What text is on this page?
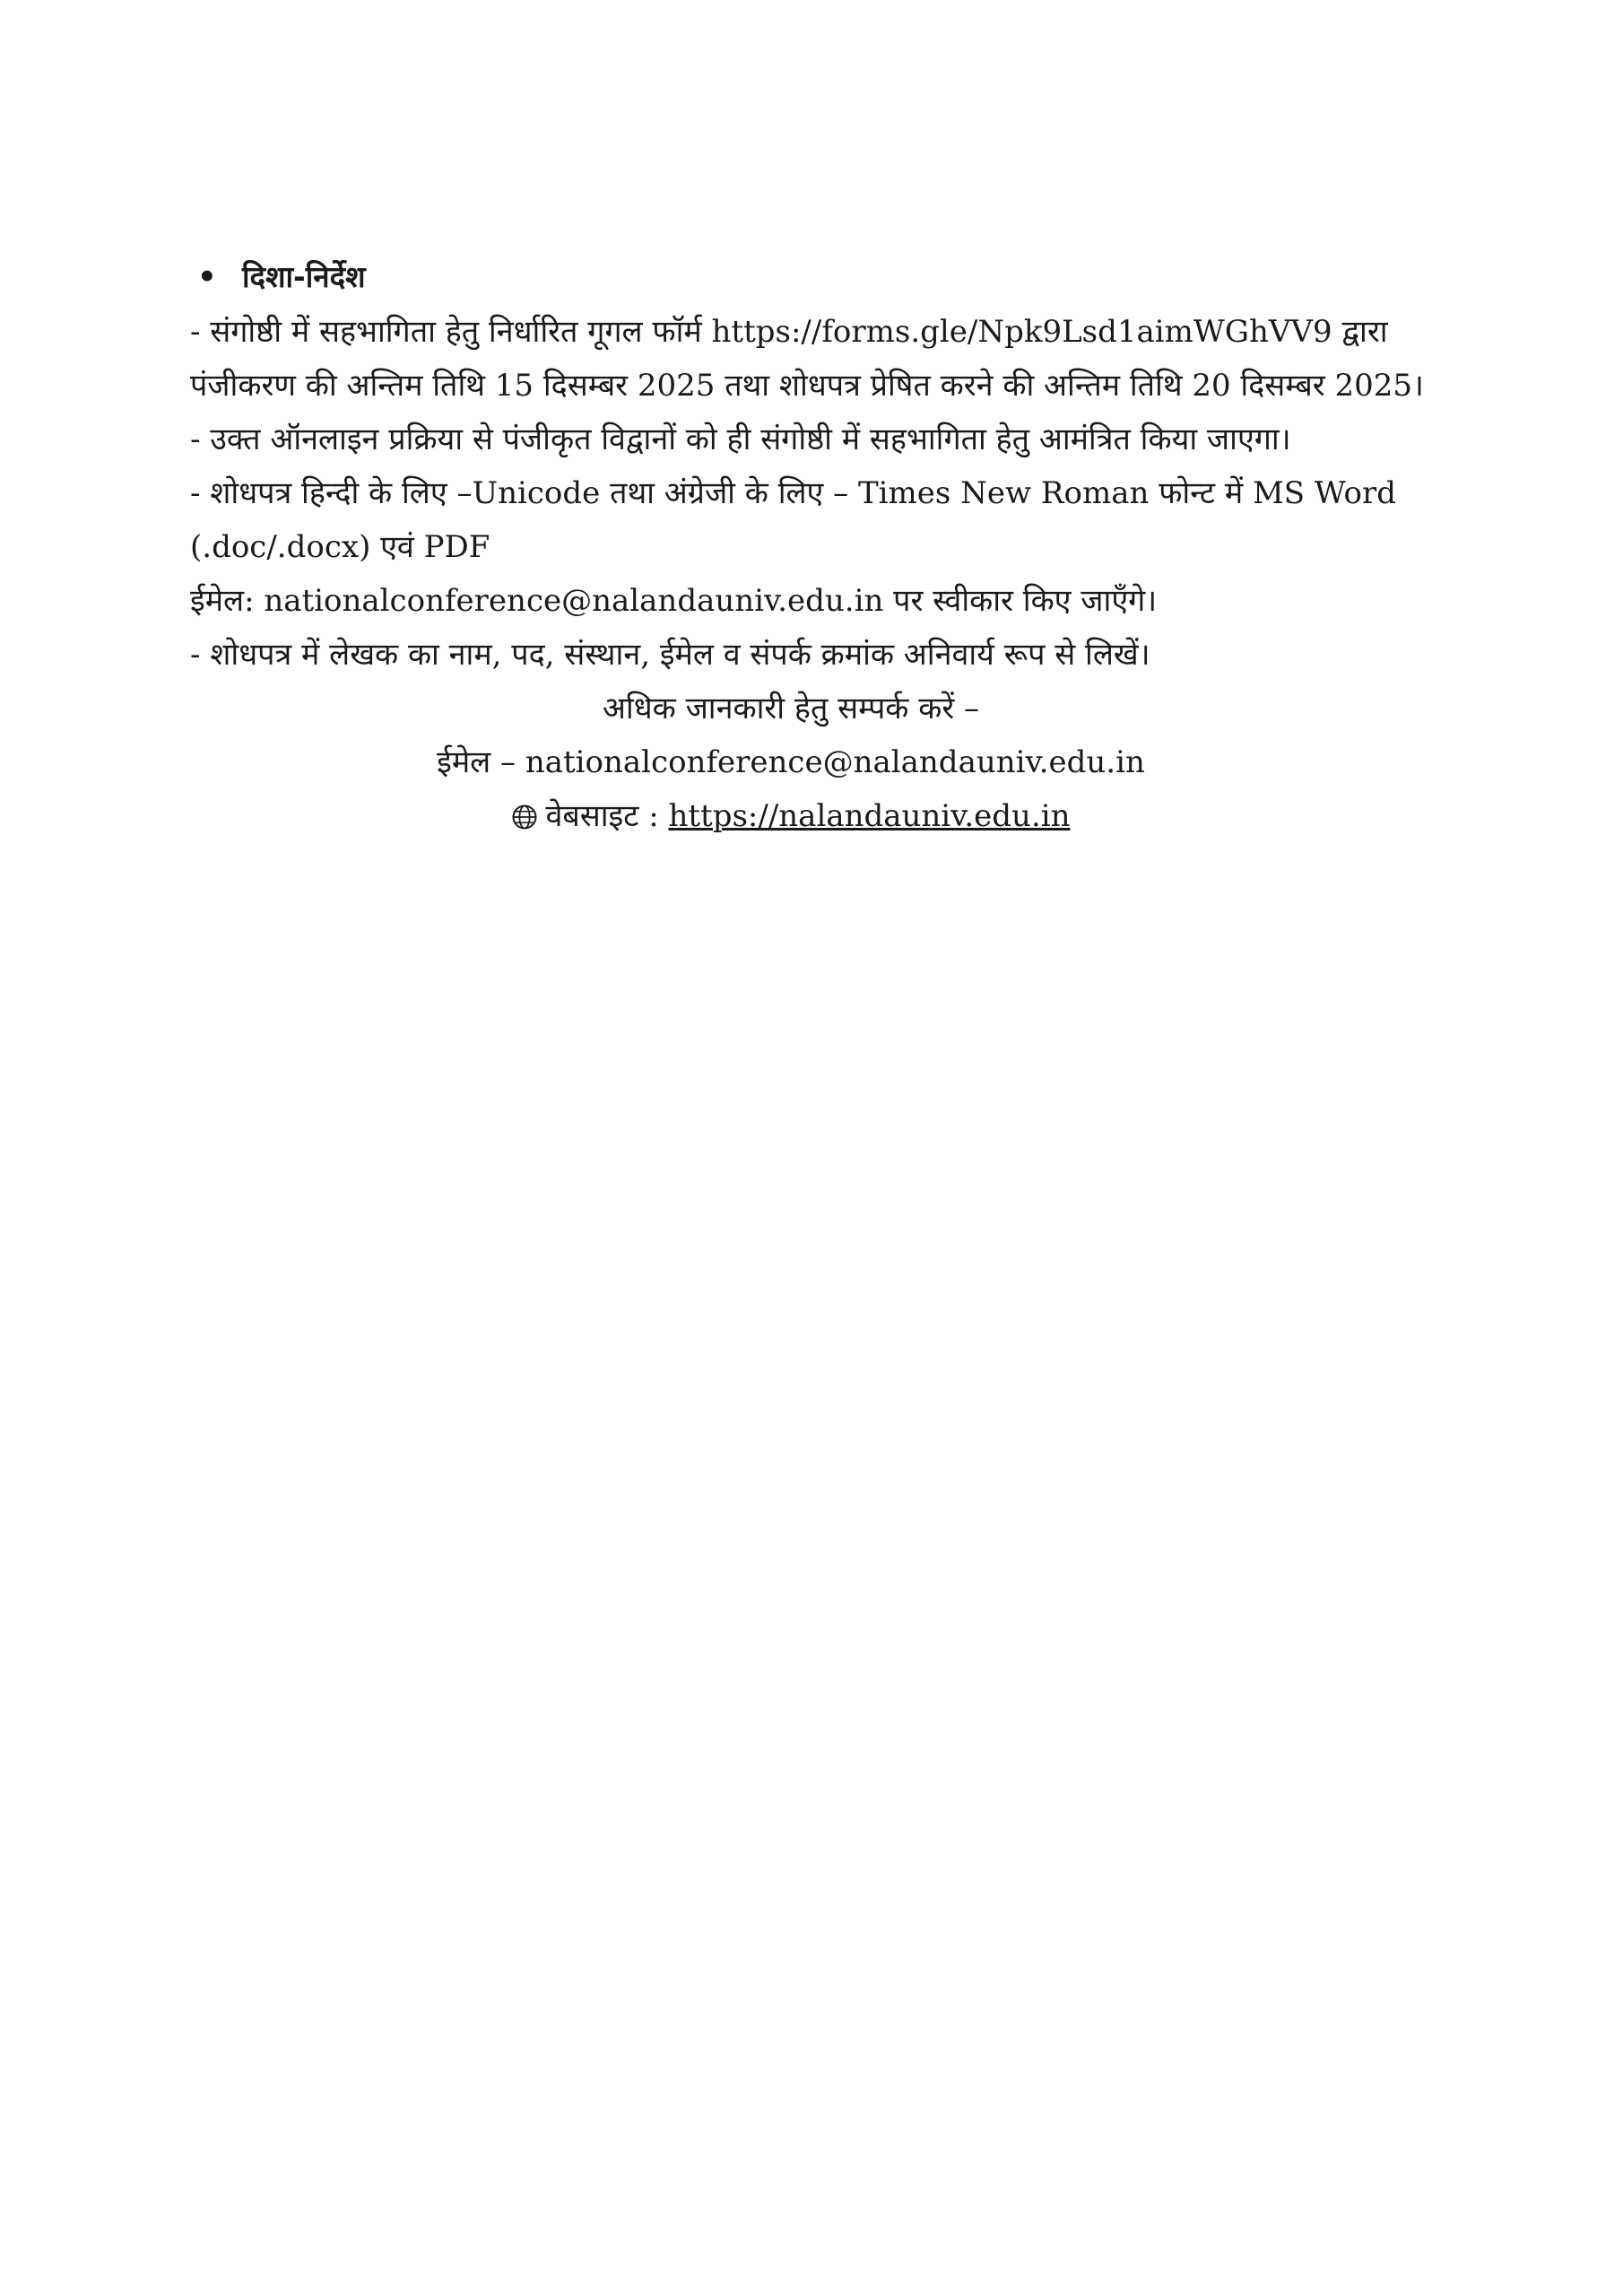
• दिशा-निर्देश
- संगोष्ठी में सहभागिता हेतु निर्धारित गूगल फॉर्म https://forms.gle/Npk9Lsd1aimWGhVV9 द्वारा
पंजीकरण की अन्तिम तिथि 15 दिसम्बर 2025 तथा शोधपत्र प्रेषित करने की अन्तिम तिथि 20 दिसम्बर 2025।
- उक्त ऑनलाइन प्रक्रिया से पंजीकृत विद्वानों को ही संगोष्ठी में सहभागिता हेतु आमंत्रित किया जाएगा।
- शोधपत्र हिन्दी के लिए –Unicode तथा अंग्रेजी के लिए – Times New Roman फोन्ट में MS Word
(.doc/.docx) एवं PDF
ईमेल: nationalconference@nalandauniv.edu.in पर स्वीकार किए जाएँगे।
- शोधपत्र में लेखक का नाम, पद, संस्थान, ईमेल व संपर्क क्रमांक अनिवार्य रूप से लिखें।
अधिक जानकारी हेतु सम्पर्क करें –
ईमेल – nationalconference@nalandauniv.edu.in
वेबसाइट : https://nalandauniv.edu.in
